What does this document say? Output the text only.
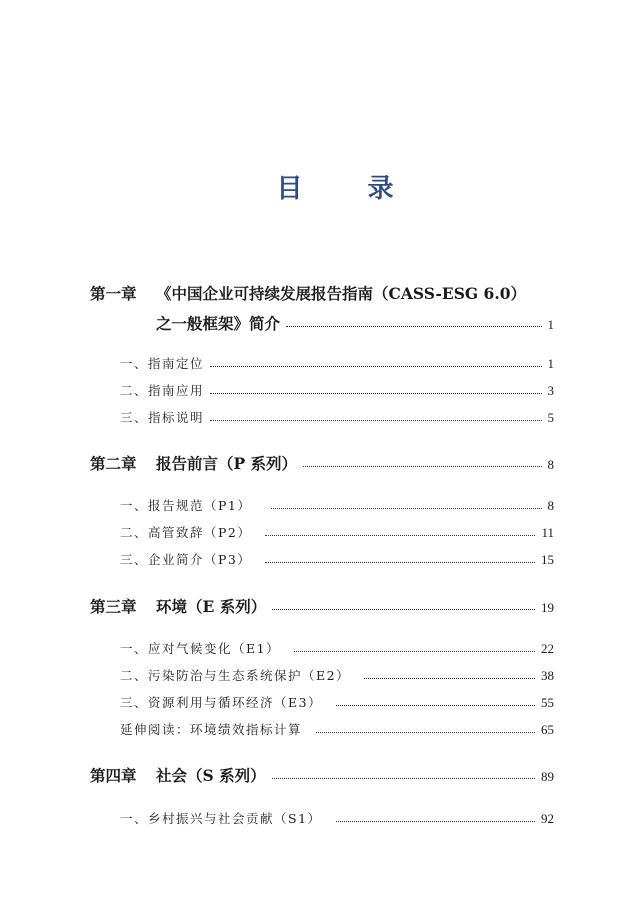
目 录
第一章	《中国企业可持续发展报告指南（CASS-ESG 6.0）
之一般框架》简介	1
一、指南定位	1
二、指南应用	3
三、指标说明	5
第二章	报告前言（P 系列）	8
一、报告规范（P1）	8
二、高管致辞（P2）	11
三、企业简介（P3）	15
第三章	环境（E 系列）	19
一、应对气候变化（E1）	22
二、污染防治与生态系统保护（E2）	38
三、资源利用与循环经济（E3）	55
延伸阅读：环境绩效指标计算	65
第四章	社会（S 系列）	89
一、乡村振兴与社会贡献（S1）	92
